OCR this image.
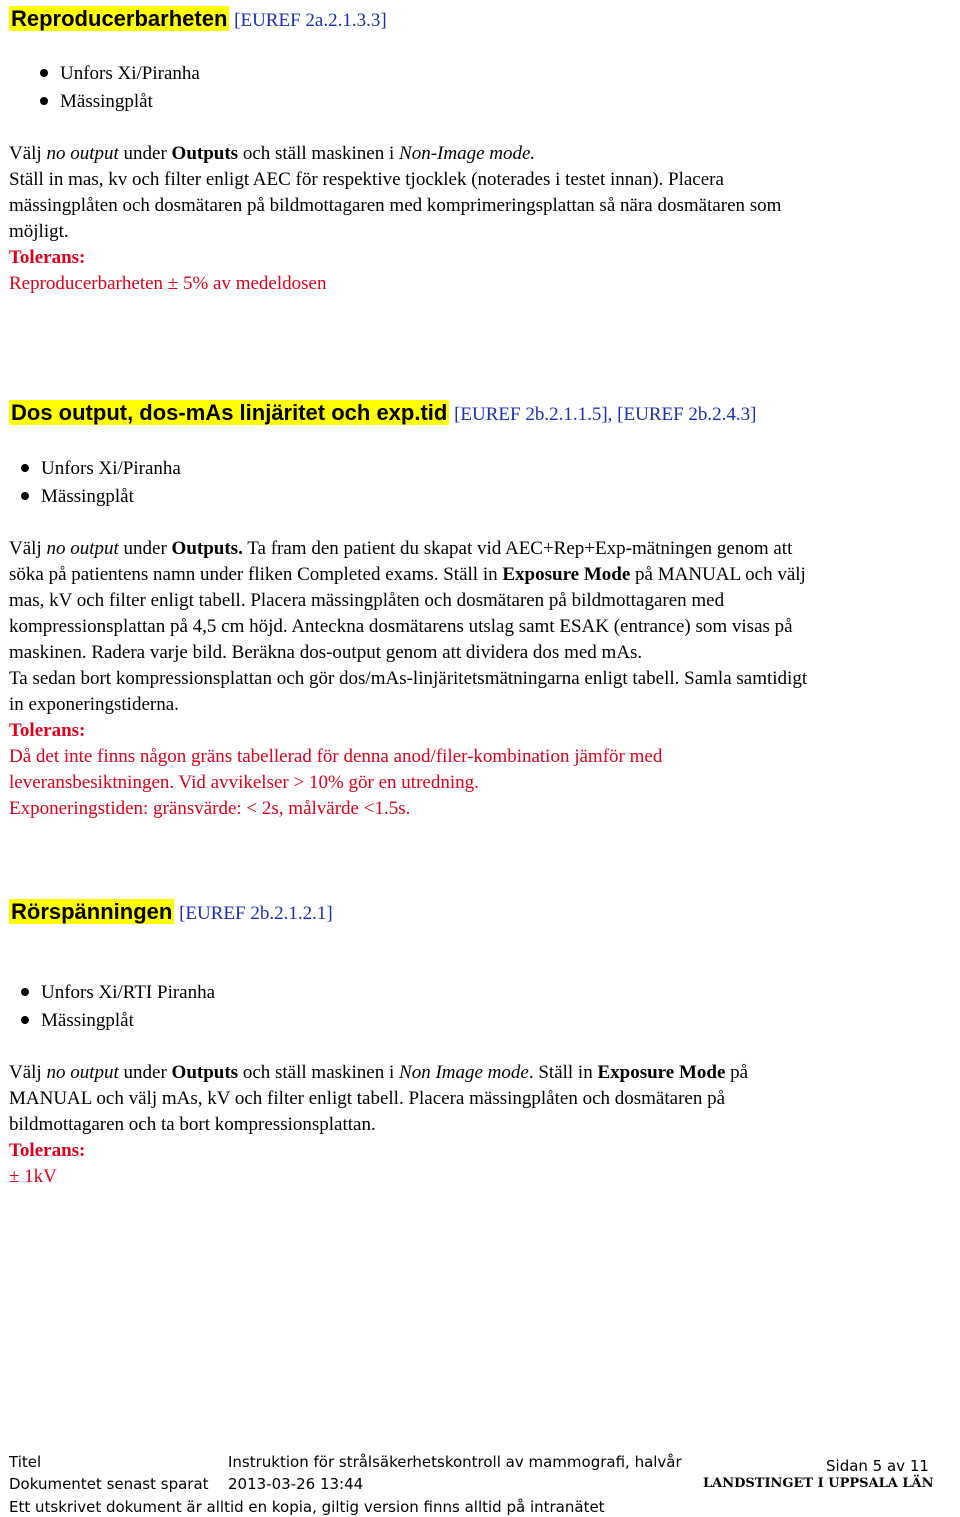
Reproducerbarheten [EUREF 2a.2.1.3.3]
Unfors Xi/Piranha
Mässingplåt
Välj no output under Outputs och ställ maskinen i Non-Image mode.
Ställ in mas, kv och filter enligt AEC för respektive tjocklek (noterades i testet innan). Placera
mässingplåten och dosmätaren på bildmottagaren med komprimeringsplattan så nära dosmätaren som
möjligt.
Tolerans:
Reproducerbarheten ± 5% av medeldosen
Dos output, dos-mAs linjäritet och exp.tid [EUREF 2b.2.1.1.5], [EUREF 2b.2.4.3]
Unfors Xi/Piranha
Mässingplåt
Välj no output under Outputs. Ta fram den patient du skapat vid AEC+Rep+Exp-mätningen genom att
söka på patientens namn under fliken Completed exams. Ställ in Exposure Mode på MANUAL och välj
mas, kV och filter enligt tabell. Placera mässingplåten och dosmätaren på bildmottagaren med
kompressionsplattan på 4,5 cm höjd. Anteckna dosmätarens utslag samt ESAK (entrance) som visas på
maskinen. Radera varje bild. Beräkna dos-output genom att dividera dos med mAs.
Ta sedan bort kompressionsplattan och gör dos/mAs-linjäritetsmätningarna enligt tabell. Samla samtidigt
in exponeringstiderna.
Tolerans:
Då det inte finns någon gräns tabellerad för denna anod/filer-kombination jämför med
leveransbesiktningen. Vid avvikelser > 10% gör en utredning.
Exponeringstiden: gränsvärde: < 2s, målvärde <1.5s.
Rörspänningen [EUREF 2b.2.1.2.1]
Unfors Xi/RTI Piranha
Mässingplåt
Välj no output under Outputs och ställ maskinen i Non Image mode. Ställ in Exposure Mode på
MANUAL och välj mAs, kV och filter enligt tabell. Placera mässingplåten och dosmätaren på
bildmottagaren och ta bort kompressionsplattan.
Tolerans:
± 1kV
Titel	Instruktion för strålsäkerhetskontroll av mammografi, halvår	Sidan 5 av 11
Dokumentet senast sparat 2013-03-26 13:44	LANDSTINGET I UPPSALA LÄN
Ett utskrivet dokument är alltid en kopia, giltig version finns alltid på intranätet
